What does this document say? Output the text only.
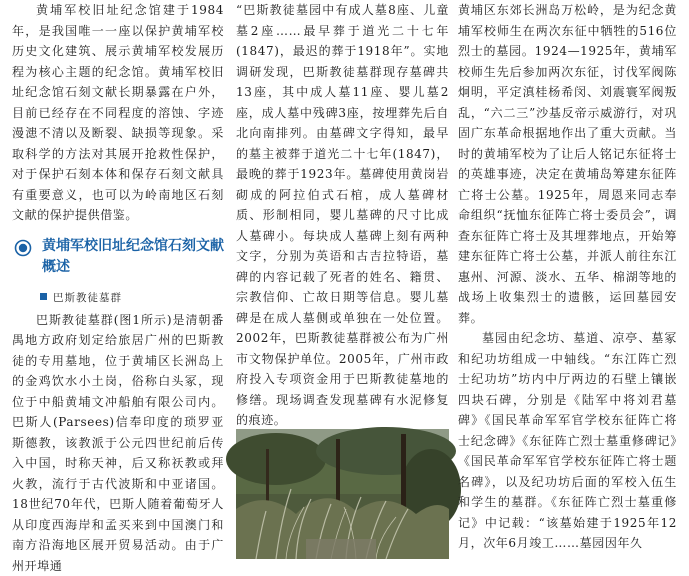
黄埔军校旧址纪念馆建于1984年，是我国唯一一座以保护黄埔军校历史文化建筑、展示黄埔军校发展历程为核心主题的纪念馆。黄埔军校旧址纪念馆石刻文献长期暴露在户外，目前已经存在不同程度的溶蚀、字迹漫漶不清以及断裂、缺损等现象。采取科学的方法对其展开抢救性保护，对于保护石刻本体和保存石刻文献具有重要意义，也可以为岭南地区石刻文献的保护提供借鉴。

黄埔军校旧址纪念馆石刻文献概述
巴斯教徒墓群

巴斯教徒墓群(图1所示)是清朝番禺地方政府划定给旅居广州的巴斯教徒的专用墓地，位于黄埔区长洲岛上的金鸡饮水小土岗，俗称白头冢，现位于中船黄埔文冲船舶有限公司内。巴斯人(Parsees)信奉印度的琐罗亚斯德教，该教派于公元四世纪前后传入中国，时称天神，后又称祆教或拜火教，流行于古代波斯和中亚诸国。18世纪70年代，巴斯人随着葡萄牙人从印度西海岸和孟买来到中国澳门和南方沿海地区展开贸易活动。由于广州开埠通

“巴斯教徒墓园中有成人墓8座、儿童墓2座……最早葬于道光二十七年(1847)，最迟的葬于1918年”。实地调研发现，巴斯教徒墓群现存墓碑共13座，其中成人墓11座、婴儿墓2座，成人墓中残碑3座，按埋葬先后自北向南排列。由墓碑文字得知，最早的墓主被葬于道光二十七年(1847)，最晚的葬于1923年。墓碑使用黄岗岩砌成的阿拉伯式石棺，成人墓碑材质、形制相同，婴儿墓碑的尺寸比成人墓碑小。每块成人墓碑上刻有两种文字，分别为英语和古吉拉特语，墓碑的内容记载了死者的姓名、籍贯、宗教信仰、亡故日期等信息。婴儿墓碑是在成人墓侧或单独在一处位置。2002年，巴斯教徒墓群被公布为广州市文物保护单位。2005年，广州市政府投入专项资金用于巴斯教徒墓地的修缮。现场调查发现墓碑有水泥修复的痕迹。

黄埔区东郊长洲岛万松岭，是为纪念黄埔军校师生在两次东征中牺牲的516位烈士的墓园。1924—1925年，黄埔军校师生先后参加两次东征，讨伐军阀陈炯明，平定滇桂杨希闵、刘震寰军阀叛乱，“六二三”沙基反帝示威游行，对巩固广东革命根据地作出了重大贡献。当时的黄埔军校为了让后人铭记东征将士的英雄事迹，决定在黄埔岛筹建东征阵亡将士公墓。1925年，周恩来同志奉命组织“抚恤东征阵亡将士委员会”，调查东征阵亡将士及其埋葬地点，开始筹建东征阵亡将士公墓，并派人前往东江惠州、河源、淡水、五华、棉湖等地的战场上收集烈士的遗骸，运回墓园安葬。

墓园由纪念坊、墓道、凉亭、墓冢和纪功坊组成一中轴线。“东江阵亡烈士纪功坊”坊内中厅两边的石壁上镶嵌四块石碑，分别是《陆军中将刘君墓碑》《国民革命军军官学校东征阵亡将士纪念碑》《东征阵亡烈士墓重修碑记》《国民革命军军官学校东征阵亡将士题名碑》，以及纪功坊后面的军校入伍生和学生的墓群。《东征阵亡烈士墓重修记》中记载：“该墓始建于1925年12月，次年6月竣工……墓园因年久
